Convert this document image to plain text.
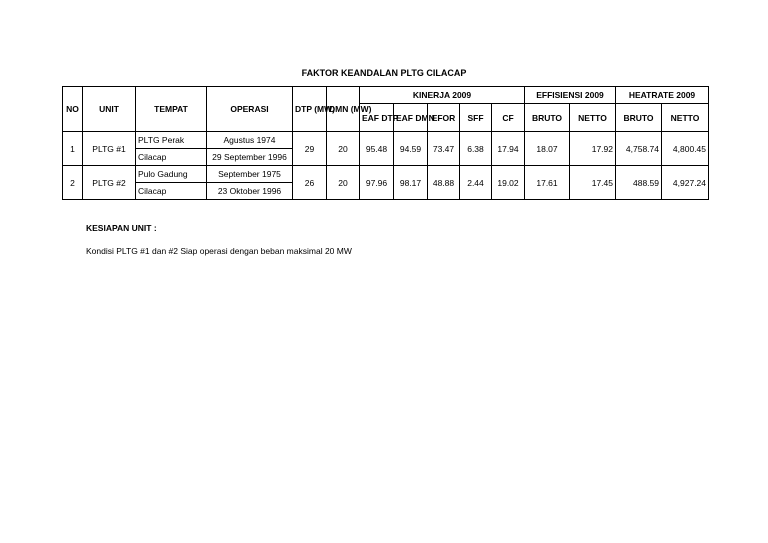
FAKTOR KEANDALAN PLTG CILACAP
NO	UNIT	TEMPAT	OPERASI	DTP (MW)	DMN (MW)	KINERJA 2009					EFFISIENSI 2009		HEATRATE 2009	
						EAF DTP	EAF DMN	EFOR	SFF	CF	BRUTO	NETTO	BRUTO	NETTO
1	PLTG #1	PLTG Perak	Agustus 1974	29	20	95.48	94.59	73.47	6.38	17.94	18.07	17.92	4,758.74	4,800.45
		Cilacap	29 September 1996											
2	PLTG #2	Pulo Gadung	September 1975	26	20	97.96	98.17	48.88	2.44	19.02	17.61	17.45	488.59	4,927.24
		Cilacap	23 Oktober 1996											
KESIAPAN UNIT :
Kondisi PLTG #1 dan #2 Siap operasi dengan beban maksimal 20 MW
